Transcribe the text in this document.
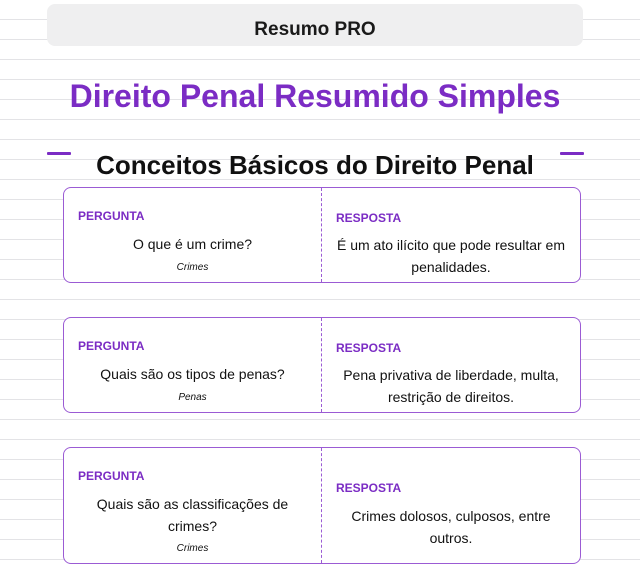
Resumo PRO
Direito Penal Resumido Simples
Conceitos Básicos do Direito Penal
PERGUNTA
O que é um crime?
Crimes
RESPOSTA
É um ato ilícito que pode resultar em penalidades.
PERGUNTA
Quais são os tipos de penas?
Penas
RESPOSTA
Pena privativa de liberdade, multa, restrição de direitos.
PERGUNTA
Quais são as classificações de crimes?
Crimes
RESPOSTA
Crimes dolosos, culposos, entre outros.
